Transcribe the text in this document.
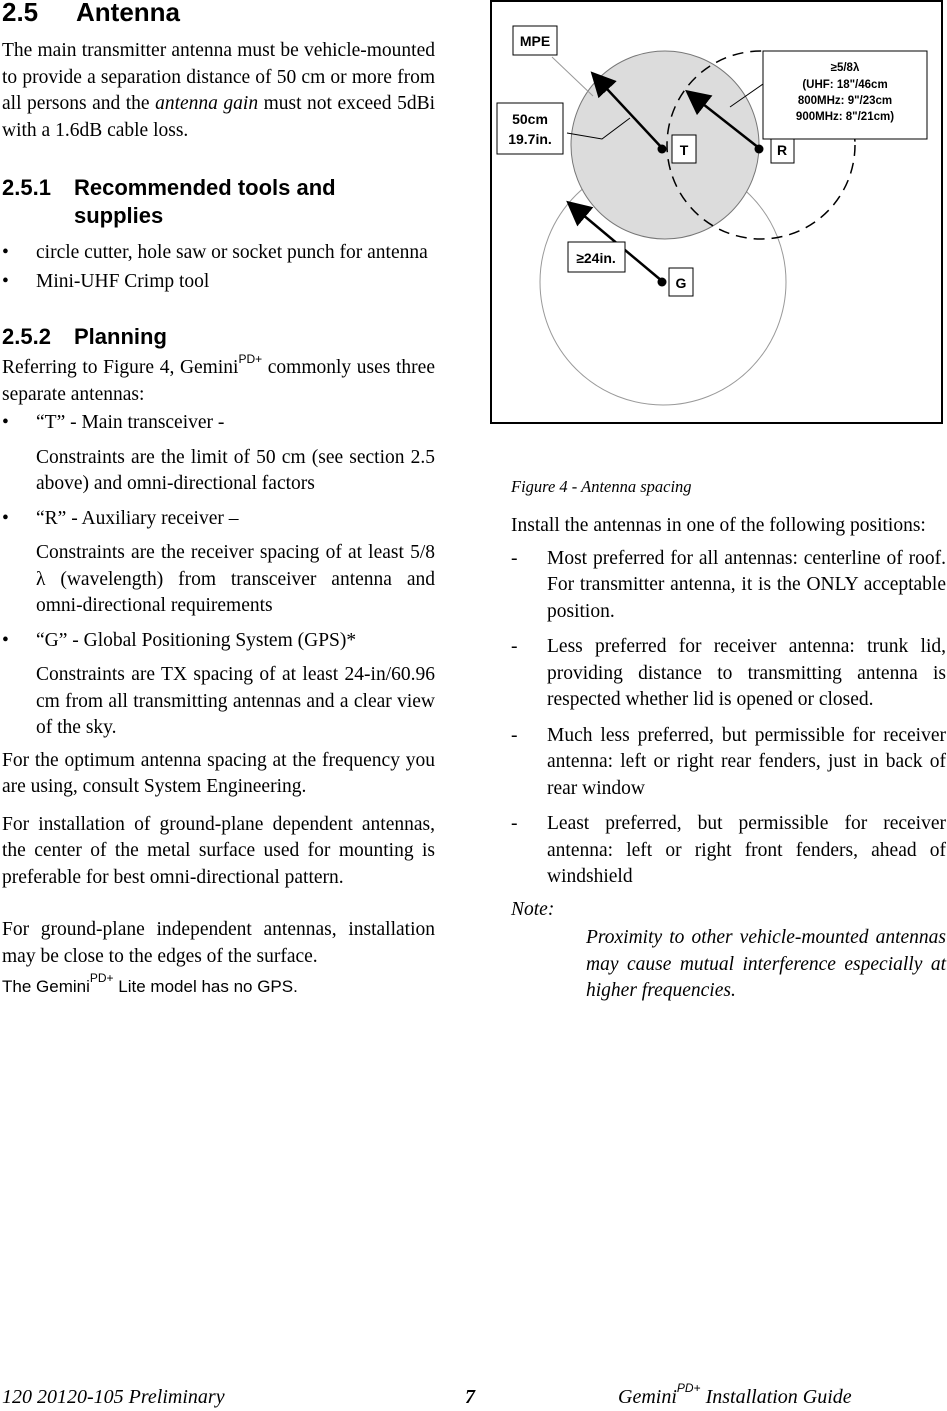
2.5 Antenna

The main transmitter antenna must be vehicle-mounted to provide a separation distance of 50 cm or more from all persons and the antenna gain must not exceed 5dBi with a 1.6dB cable loss.

2.5.1 Recommended tools and
supplies
• circle cutter, hole saw or socket punch for antenna
• Mini-UHF Crimp tool
2.5.2 Planning

Referring to Figure 4, Gemini$^{PD+}$ commonly uses three separate antennas:

• “T” - Main transceiver -
Constraints are the limit of 50 cm (see section 2.5 above) and omni-directional factors
• “R” - Auxiliary receiver –
Constraints are the receiver spacing of at least 5/8 λ (wavelength) from transceiver antenna and omni-directional requirements
• “G” - Global Positioning System (GPS)*
Constraints are TX spacing of at least 24-in/60.96 cm from all transmitting antennas and a clear view of the sky.

For the optimum antenna spacing at the frequency you are using, consult System Engineering.

For installation of ground-plane dependent antennas, the center of the metal surface used for mounting is preferable for best omni-directional pattern.

For ground-plane independent antennas, installation may be close to the edges of the surface.

The Gemini$^{PD+}$ Lite model has no GPS.
MPE
50cm
19.7in.
T	R
G
≥24in.
≥5/8λ
(UHF: 18"/46cm
800MHz: 9"/23cm
900MHz: 8"/21cm)
Figure 4 - Antenna spacing

Install the antennas in one of the following positions:

- Most preferred for all antennas: centerline of roof. For transmitter antenna, it is the ONLY acceptable position.
- Less preferred for receiver antenna: trunk lid, providing distance to transmitting antenna is respected whether lid is opened or closed.
- Much less preferred, but permissible for receiver antenna: left or right rear fenders, just in back of rear window
- Least preferred, but permissible for receiver antenna: left or right front fenders, ahead of windshield
Note:
Proximity to other vehicle-mounted antennas may cause mutual interference especially at higher frequencies.
120 20120-105 Preliminary	7	Gemini$^{PD+}$ Installation Guide
